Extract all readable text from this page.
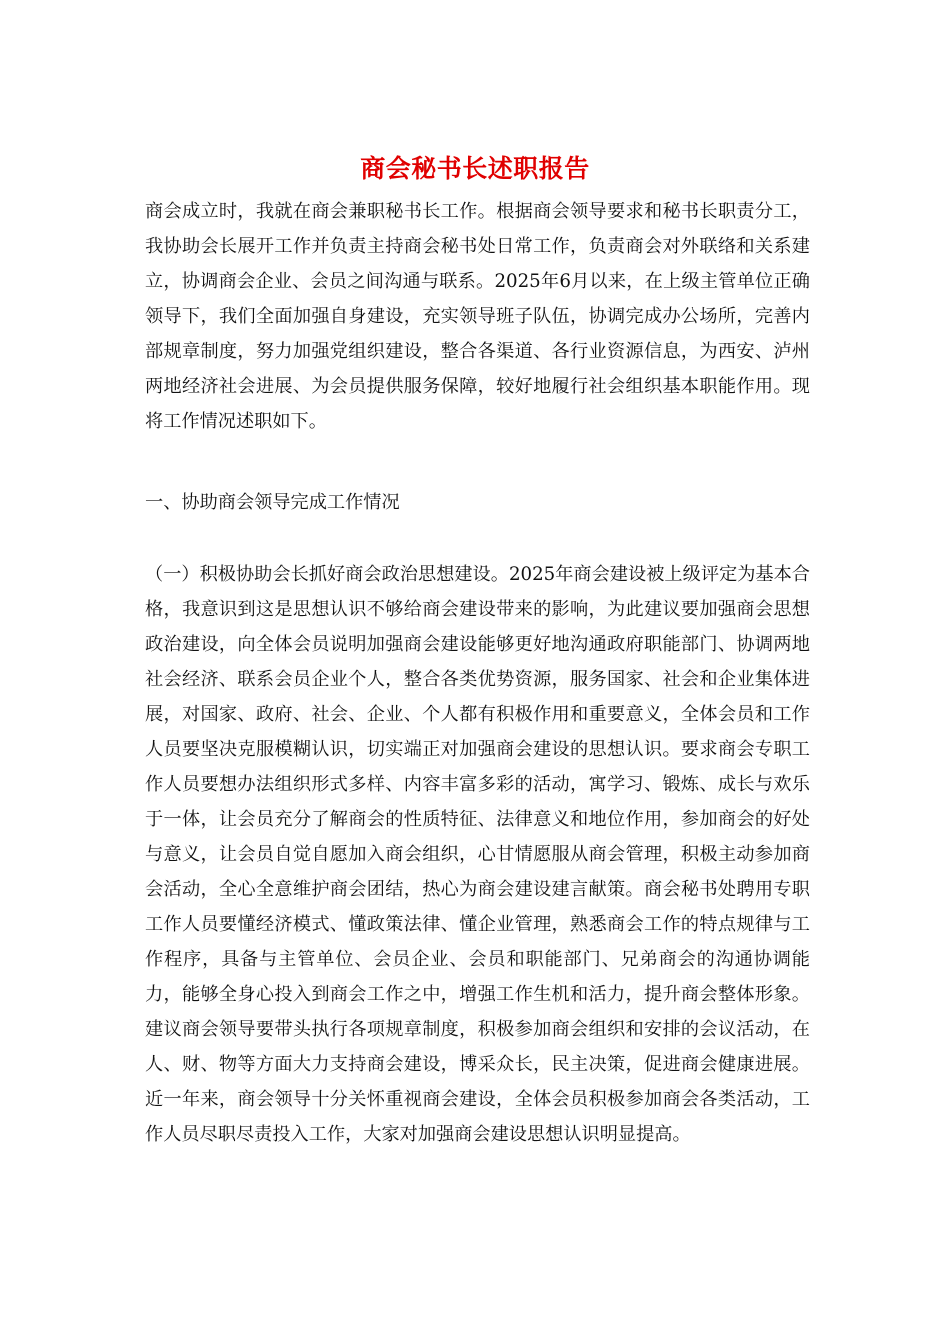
商会秘书长述职报告

商会成立时，我就在商会兼职秘书长工作。根据商会领导要求和秘书长职责分工，我协助会长展开工作并负责主持商会秘书处日常工作，负责商会对外联络和关系建立，协调商会企业、会员之间沟通与联系。2025年6月以来，在上级主管单位正确领导下，我们全面加强自身建设，充实领导班子队伍，协调完成办公场所，完善内部规章制度，努力加强党组织建设，整合各渠道、各行业资源信息，为西安、泸州两地经济社会进展、为会员提供服务保障，较好地履行社会组织基本职能作用。现将工作情况述职如下。

一、协助商会领导完成工作情况

（一）积极协助会长抓好商会政治思想建设。2025年商会建设被上级评定为基本合格，我意识到这是思想认识不够给商会建设带来的影响，为此建议要加强商会思想政治建设，向全体会员说明加强商会建设能够更好地沟通政府职能部门、协调两地社会经济、联系会员企业个人，整合各类优势资源，服务国家、社会和企业集体进展，对国家、政府、社会、企业、个人都有积极作用和重要意义，全体会员和工作人员要坚决克服模糊认识，切实端正对加强商会建设的思想认识。要求商会专职工作人员要想办法组织形式多样、内容丰富多彩的活动，寓学习、锻炼、成长与欢乐于一体，让会员充分了解商会的性质特征、法律意义和地位作用，参加商会的好处与意义，让会员自觉自愿加入商会组织，心甘情愿服从商会管理，积极主动参加商会活动，全心全意维护商会团结，热心为商会建设建言献策。商会秘书处聘用专职工作人员要懂经济模式、懂政策法律、懂企业管理，熟悉商会工作的特点规律与工作程序，具备与主管单位、会员企业、会员和职能部门、兄弟商会的沟通协调能力，能够全身心投入到商会工作之中，增强工作生机和活力，提升商会整体形象。建议商会领导要带头执行各项规章制度，积极参加商会组织和安排的会议活动，在人、财、物等方面大力支持商会建设，博采众长，民主决策，促进商会健康进展。近一年来，商会领导十分关怀重视商会建设，全体会员积极参加商会各类活动，工作人员尽职尽责投入工作，大家对加强商会建设思想认识明显提高。
